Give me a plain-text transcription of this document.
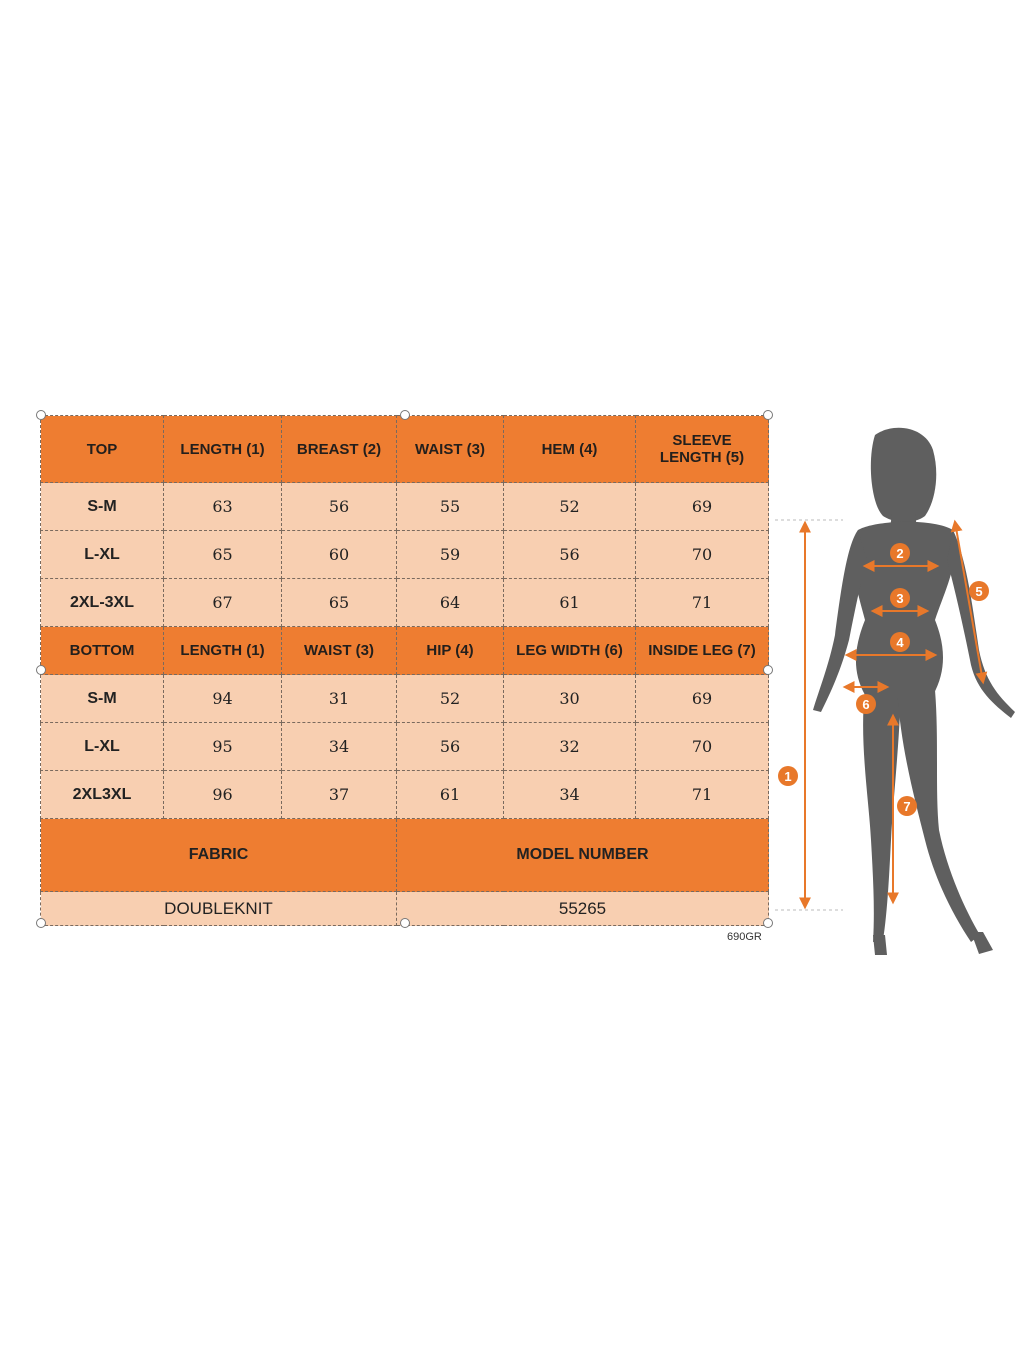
TOP	LENGTH (1)	BREAST (2)	WAIST (3)	HEM (4)	SLEEVE
LENGTH (5)

S-M	63	56	55	52	69
L-XL	65	60	59	56	70
2XL-3XL	67	65	64	61	71
BOTTOM	LENGTH (1)	WAIST (3)	HIP (4)	LEG WIDTH (6)	INSIDE LEG (7)
S-M	94	31	52	30	69
L-XL	95	34	56	32	70
2XL3XL	96	37	61	34	71
FABRIC			MODEL NUMBER		
DOUBLEKNIT			55265		
690GR
1
2
3
4
5
6
7
